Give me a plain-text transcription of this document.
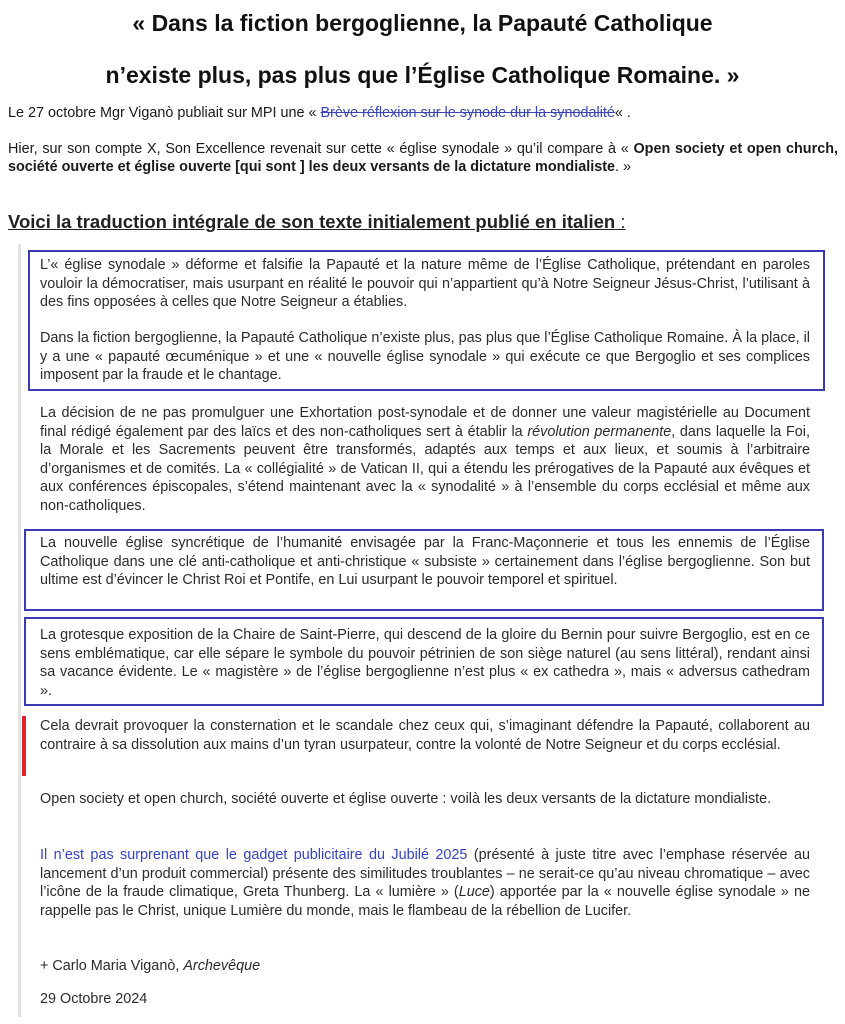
« Dans la fiction bergoglienne, la Papauté Catholique
n’existe plus, pas plus que l’Église Catholique Romaine. »

Le 27 octobre Mgr Viganò publiait sur MPI une « Brève réflexion sur le synode dur la synodalité« .

Hier, sur son compte X, Son Excellence revenait sur cette « église synodale » qu’il compare à « Open society et open church, société ouverte et église ouverte [qui sont ] les deux versants de la dictature mondialiste. »

Voici la traduction intégrale de son texte initialement publié en italien :

L’« église synodale » déforme et falsifie la Papauté et la nature même de l’Église Catholique, prétendant en paroles vouloir la démocratiser, mais usurpant en réalité le pouvoir qui n’appartient qu’à Notre Seigneur Jésus-Christ, l’utilisant à des fins opposées à celles que Notre Seigneur a établies.

Dans la fiction bergoglienne, la Papauté Catholique n’existe plus, pas plus que l’Église Catholique Romaine. À la place, il y a une « papauté œcuménique » et une « nouvelle église synodale » qui exécute ce que Bergoglio et ses complices imposent par la fraude et le chantage.

La décision de ne pas promulguer une Exhortation post-synodale et de donner une valeur magistérielle au Document final rédigé également par des laïcs et des non-catholiques sert à établir la révolution permanente, dans laquelle la Foi, la Morale et les Sacrements peuvent être transformés, adaptés aux temps et aux lieux, et soumis à l’arbitraire d’organismes et de comités. La « collégialité » de Vatican II, qui a étendu les prérogatives de la Papauté aux évêques et aux conférences épiscopales, s’étend maintenant avec la « synodalité » à l’ensemble du corps ecclésial et même aux non-catholiques.

La nouvelle église syncrétique de l’humanité envisagée par la Franc-Maçonnerie et tous les ennemis de l’Église Catholique dans une clé anti-catholique et anti-christique « subsiste » certainement dans l’église bergoglienne. Son but ultime est d’évincer le Christ Roi et Pontife, en Lui usurpant le pouvoir temporel et spirituel.

La grotesque exposition de la Chaire de Saint-Pierre, qui descend de la gloire du Bernin pour suivre Bergoglio, est en ce sens emblématique, car elle sépare le symbole du pouvoir pétrinien de son siège naturel (au sens littéral), rendant ainsi sa vacance évidente. Le « magistère » de l’église bergoglienne n’est plus « ex cathedra », mais « adversus cathedram ».

Cela devrait provoquer la consternation et le scandale chez ceux qui, s’imaginant défendre la Papauté, collaborent au contraire à sa dissolution aux mains d’un tyran usurpateur, contre la volonté de Notre Seigneur et du corps ecclésial.

Open society et open church, société ouverte et église ouverte : voilà les deux versants de la dictature mondialiste.

Il n’est pas surprenant que le gadget publicitaire du Jubilé 2025 (présenté à juste titre avec l’emphase réservée au lancement d’un produit commercial) présente des similitudes troublantes – ne serait-ce qu’au niveau chromatique – avec l’icône de la fraude climatique, Greta Thunberg. La « lumière » (Luce) apportée par la « nouvelle église synodale » ne rappelle pas le Christ, unique Lumière du monde, mais le flambeau de la rébellion de Lucifer.

+ Carlo Maria Viganò, Archevêque

29 Octobre 2024
